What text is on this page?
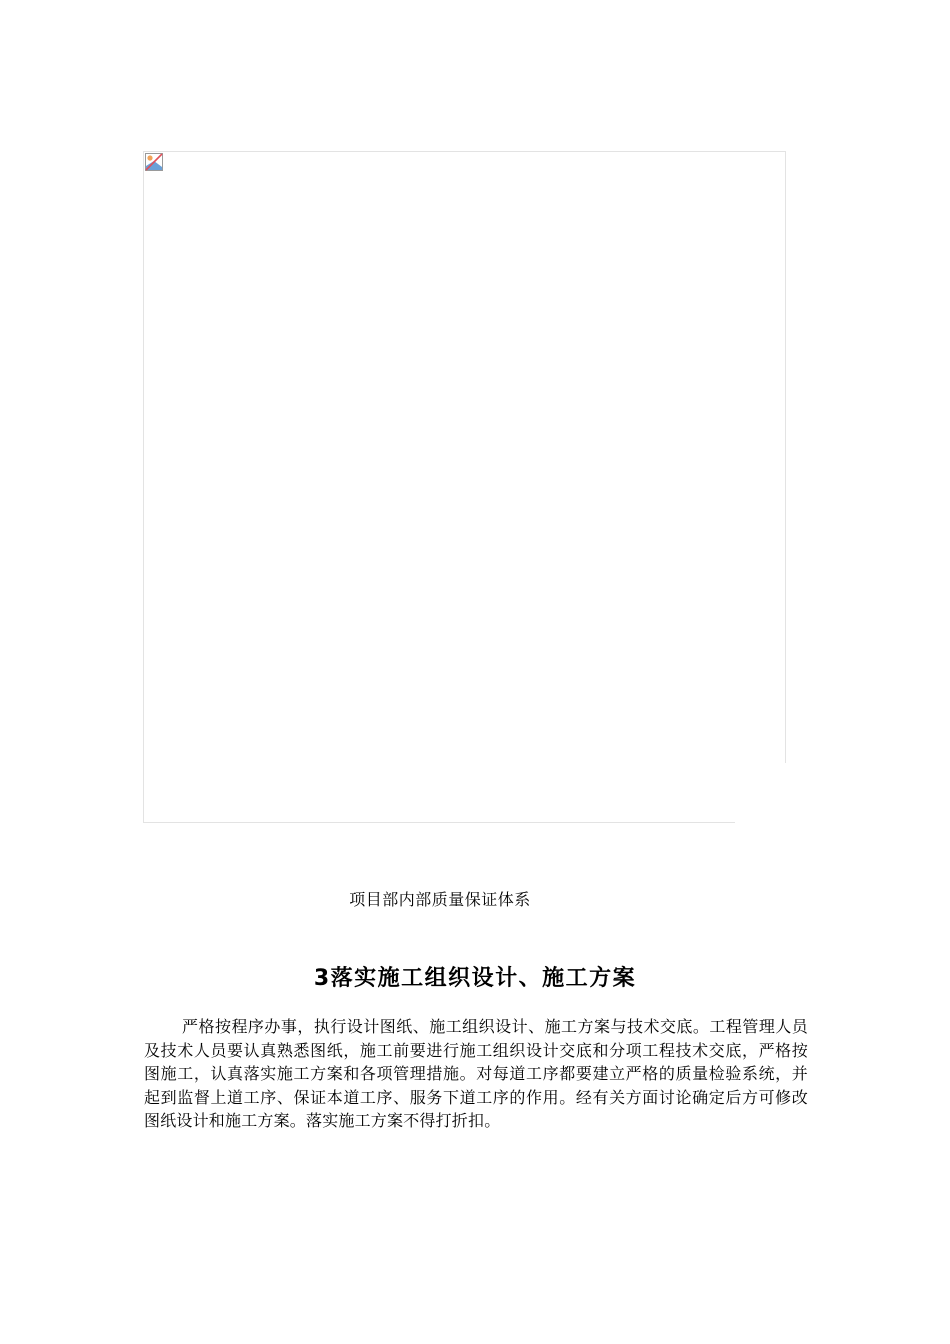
项目部内部质量保证体系
3落实施工组织设计、施工方案

严格按程序办事，执行设计图纸、施工组织设计、施工方案与技术交底。工程管理人员及技术人员要认真熟悉图纸，施工前要进行施工组织设计交底和分项工程技术交底，严格按图施工，认真落实施工方案和各项管理措施。对每道工序都要建立严格的质量检验系统，并起到监督上道工序、保证本道工序、服务下道工序的作用。经有关方面讨论确定后方可修改图纸设计和施工方案。落实施工方案不得打折扣。
